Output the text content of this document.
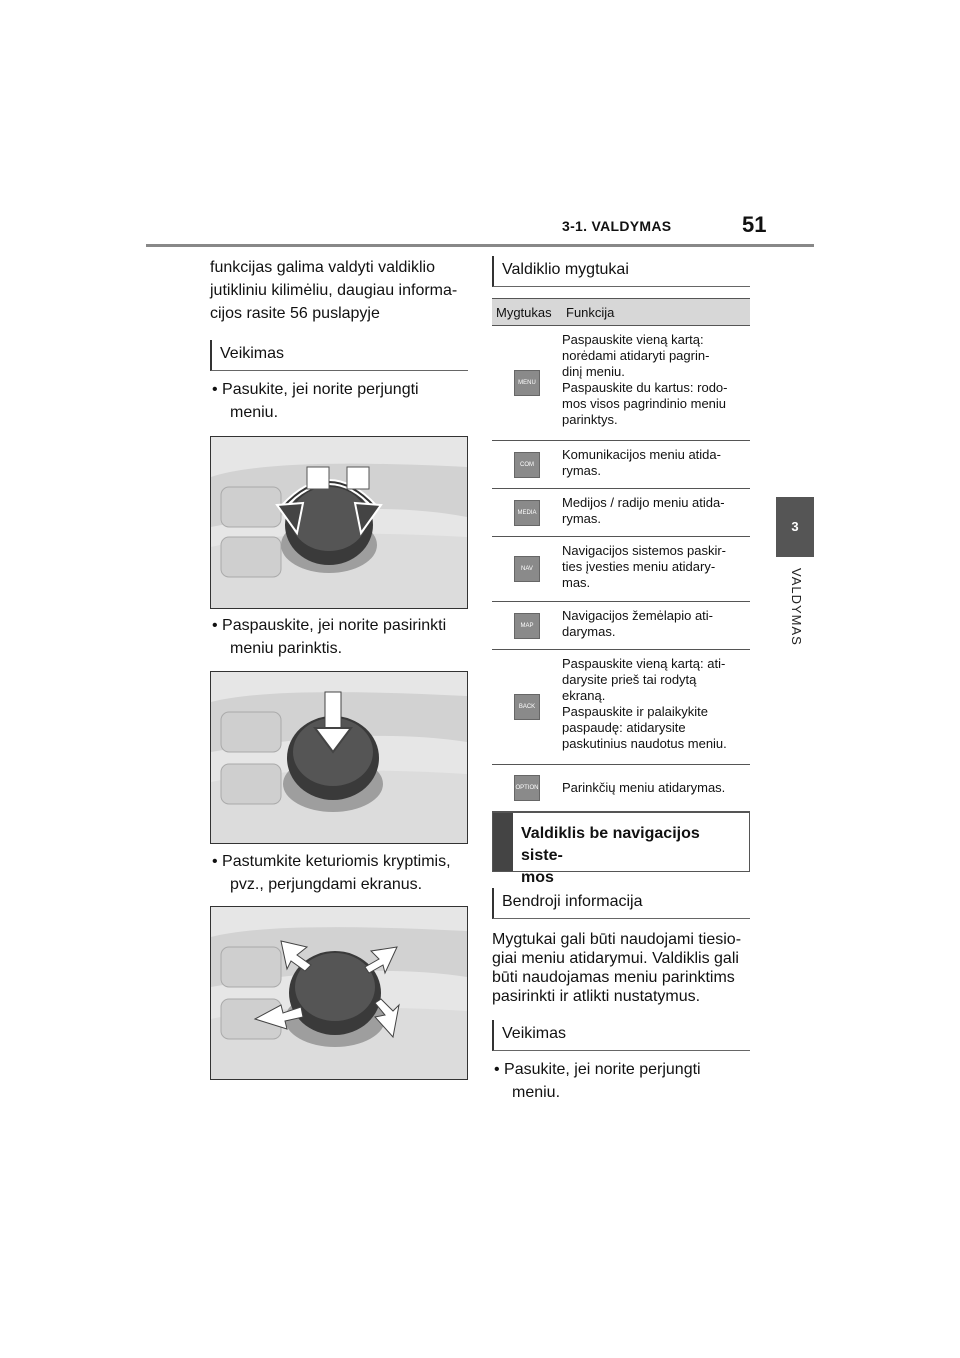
3-1. VALDYMAS	51
3
VALDYMAS
funkcijas galima valdyti valdiklio
jutikliniu kilimėliu, daugiau informa-
cijos rasite 56 puslapyje
Veikimas
• Pasukite, jei norite perjungti
meniu.
• Paspauskite, jei norite pasirinkti
meniu parinktis.
• Pastumkite keturiomis kryptimis,
pvz., perjungdami ekranus.
Valdiklio mygtukai
Mygtukas	Funkcija
MENU
Paspauskite vieną kartą:
norėdami atidaryti pagrin-
dinį meniu.
Paspauskite du kartus: rodo-
mos visos pagrindinio meniu
parinktys.
COM
Komunikacijos meniu atida-
rymas.
MEDIA
Medijos / radijo meniu atida-
rymas.
NAV
Navigacijos sistemos paskir-
ties įvesties meniu atidary-
mas.
MAP
Navigacijos žemėlapio ati-
darymas.
BACK
Paspauskite vieną kartą: ati-
darysite prieš tai rodytą
ekraną.
Paspauskite ir palaikykite
paspaudę: atidarysite
paskutinius naudotus meniu.
OPTION Parinkčių meniu atidarymas.
Valdiklis be navigacijos siste-
mos
Bendroji informacija
Mygtukai gali būti naudojami tiesio-
giai meniu atidarymui. Valdiklis gali
būti naudojamas meniu parinktims
pasirinkti ir atlikti nustatymus.
Veikimas
• Pasukite, jei norite perjungti
meniu.
